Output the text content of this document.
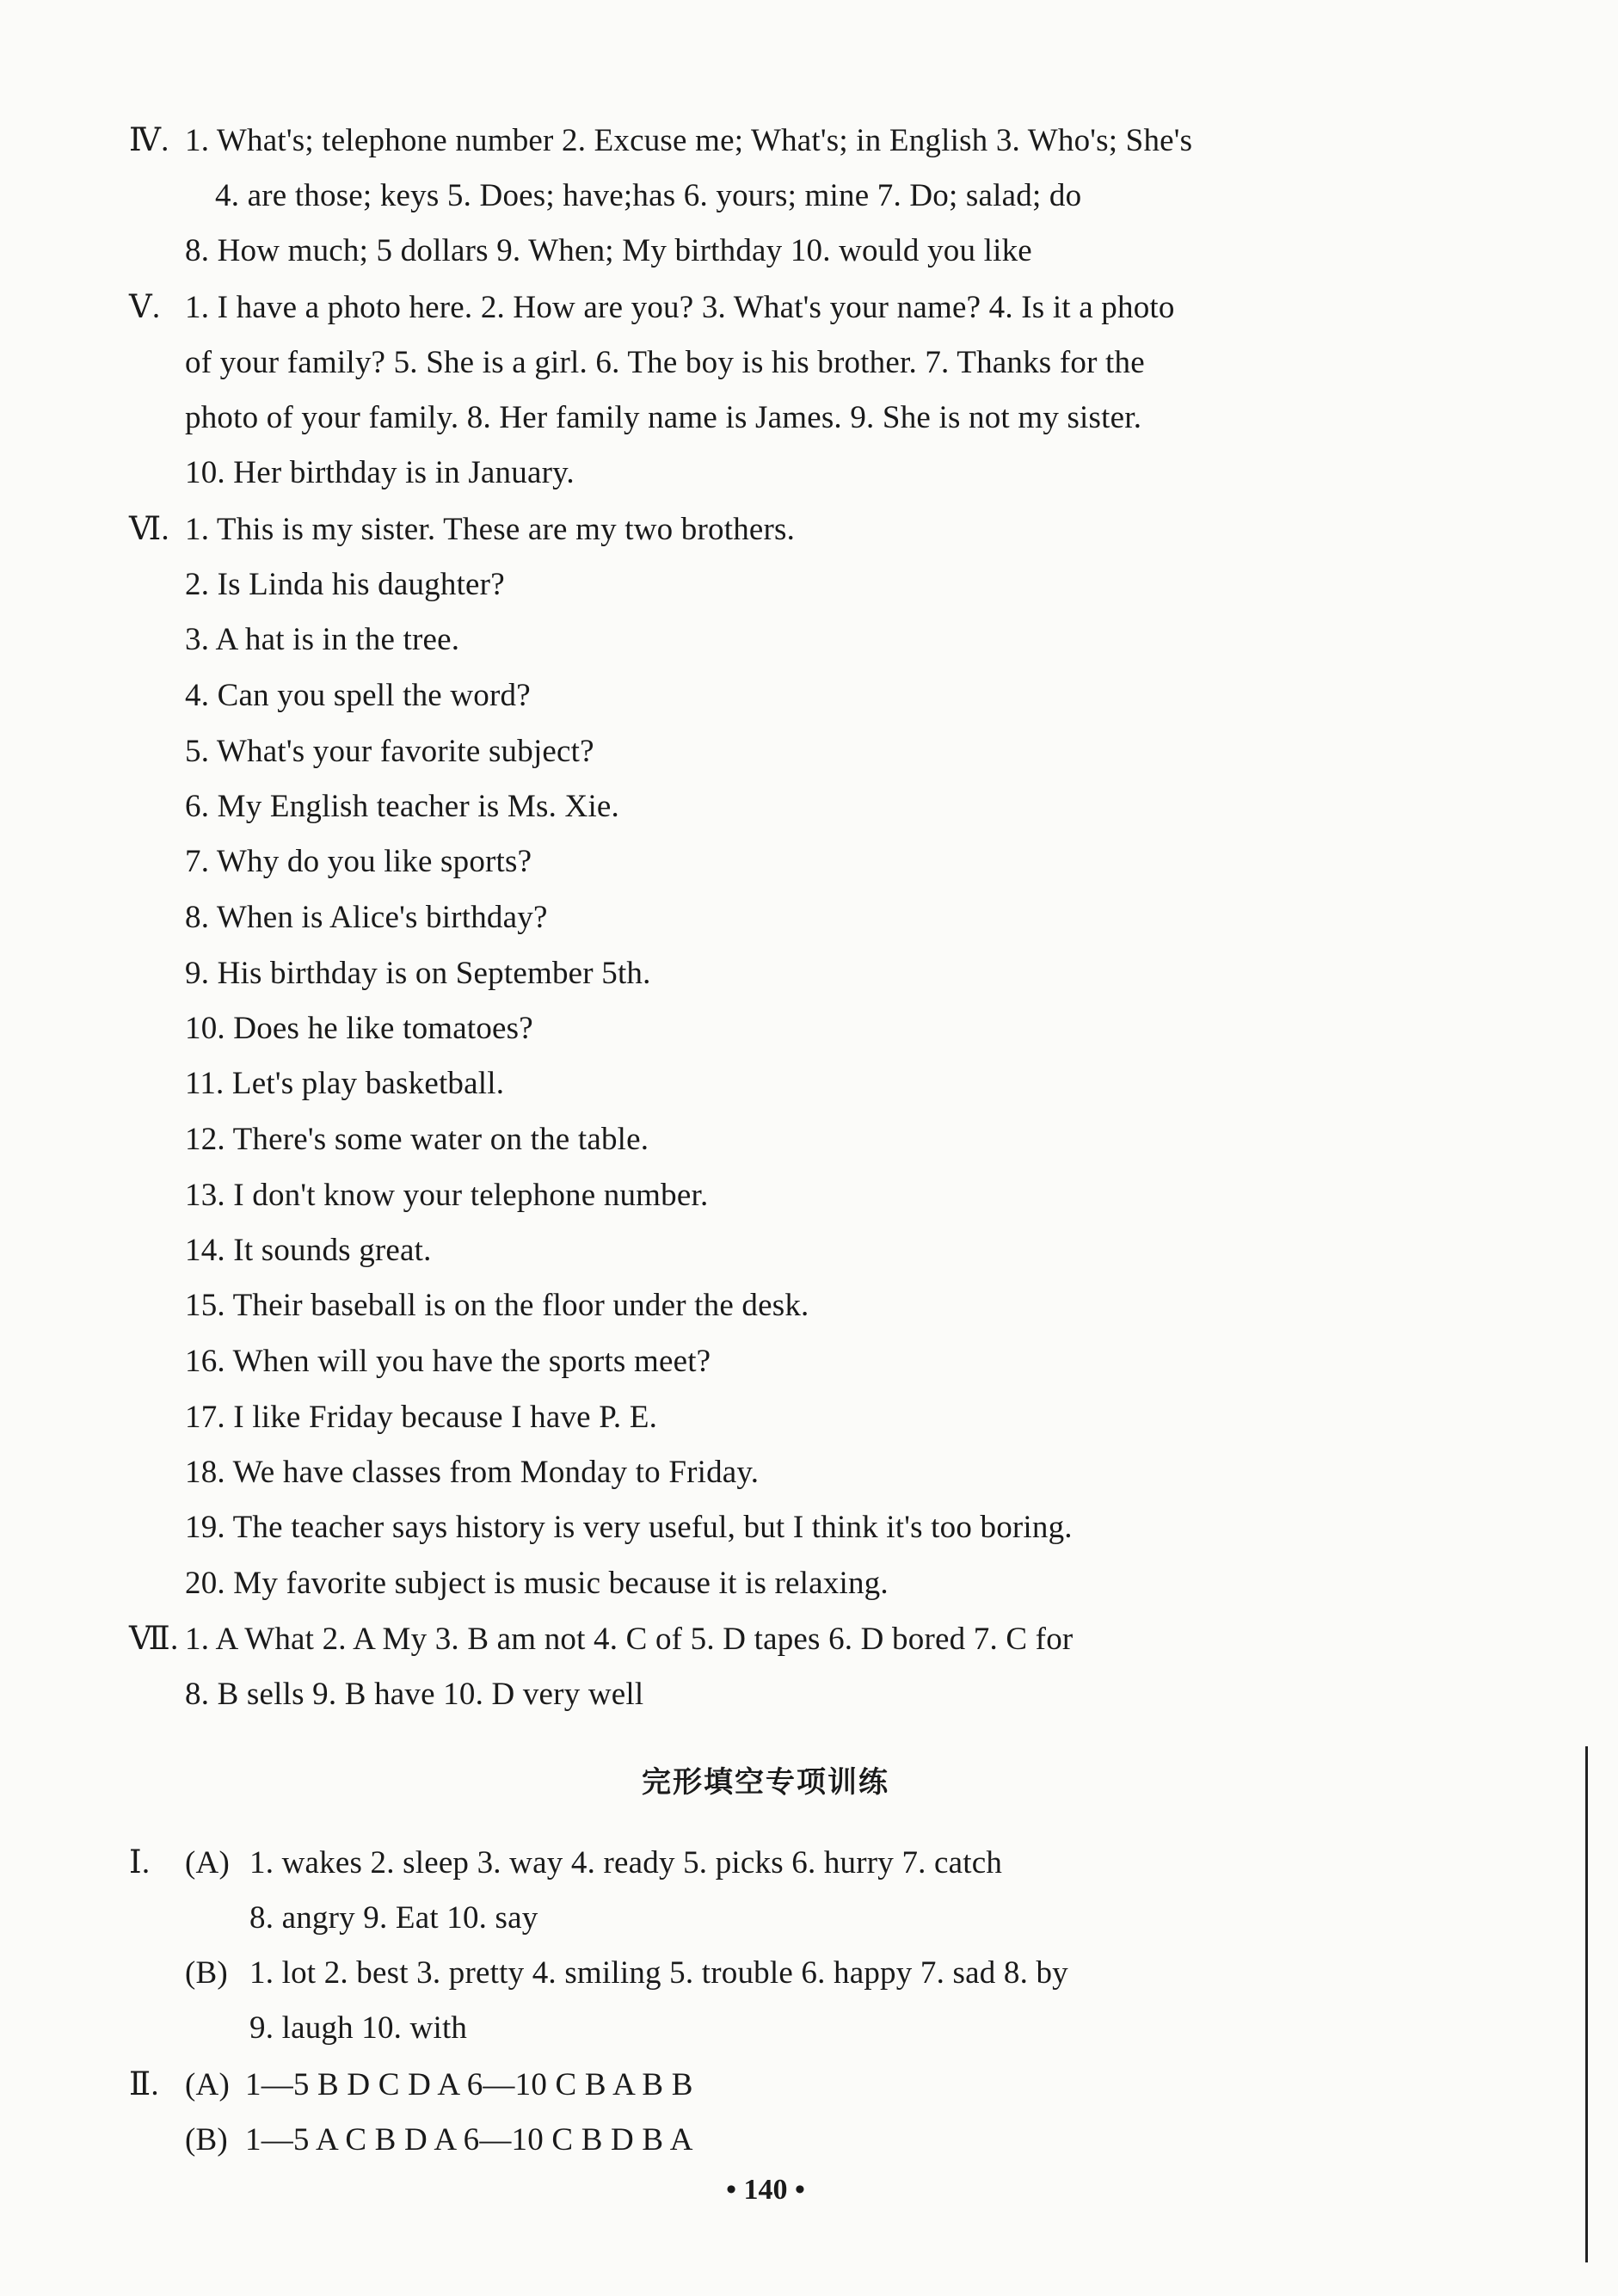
Ⅳ. 1. What's; telephone number 2. Excuse me; What's; in English 3. Who's; She's
4. are those; keys 5. Does; have;has 6. yours; mine 7. Do; salad; do
8. How much; 5 dollars 9. When; My birthday 10. would you like
Ⅴ. 1. I have a photo here. 2. How are you? 3. What's your name? 4. Is it a photo
of your family? 5. She is a girl. 6. The boy is his brother. 7. Thanks for the
photo of your family. 8. Her family name is James. 9. She is not my sister.
10. Her birthday is in January.
Ⅵ. 1. This is my sister. These are my two brothers.
2. Is Linda his daughter?
3. A hat is in the tree.
4. Can you spell the word?
5. What's your favorite subject?
6. My English teacher is Ms. Xie.
7. Why do you like sports?
8. When is Alice's birthday?
9. His birthday is on September 5th.
10. Does he like tomatoes?
11. Let's play basketball.
12. There's some water on the table.
13. I don't know your telephone number.
14. It sounds great.
15. Their baseball is on the floor under the desk.
16. When will you have the sports meet?
17. I like Friday because I have P. E.
18. We have classes from Monday to Friday.
19. The teacher says history is very useful, but I think it's too boring.
20. My favorite subject is music because it is relaxing.
Ⅶ. 1. A What 2. A My 3. B am not 4. C of 5. D tapes 6. D bored 7. C for
8. B sells 9. B have 10. D very well
完形填空专项训练
Ⅰ. (A) 1. wakes 2. sleep 3. way 4. ready 5. picks 6. hurry 7. catch
8. angry 9. Eat 10. say
(B) 1. lot 2. best 3. pretty 4. smiling 5. trouble 6. happy 7. sad 8. by
9. laugh 10. with
Ⅱ. (A) 1—5 B D C D A 6—10 C B A B B
(B) 1—5 A C B D A 6—10 C B D B A
• 140 •
